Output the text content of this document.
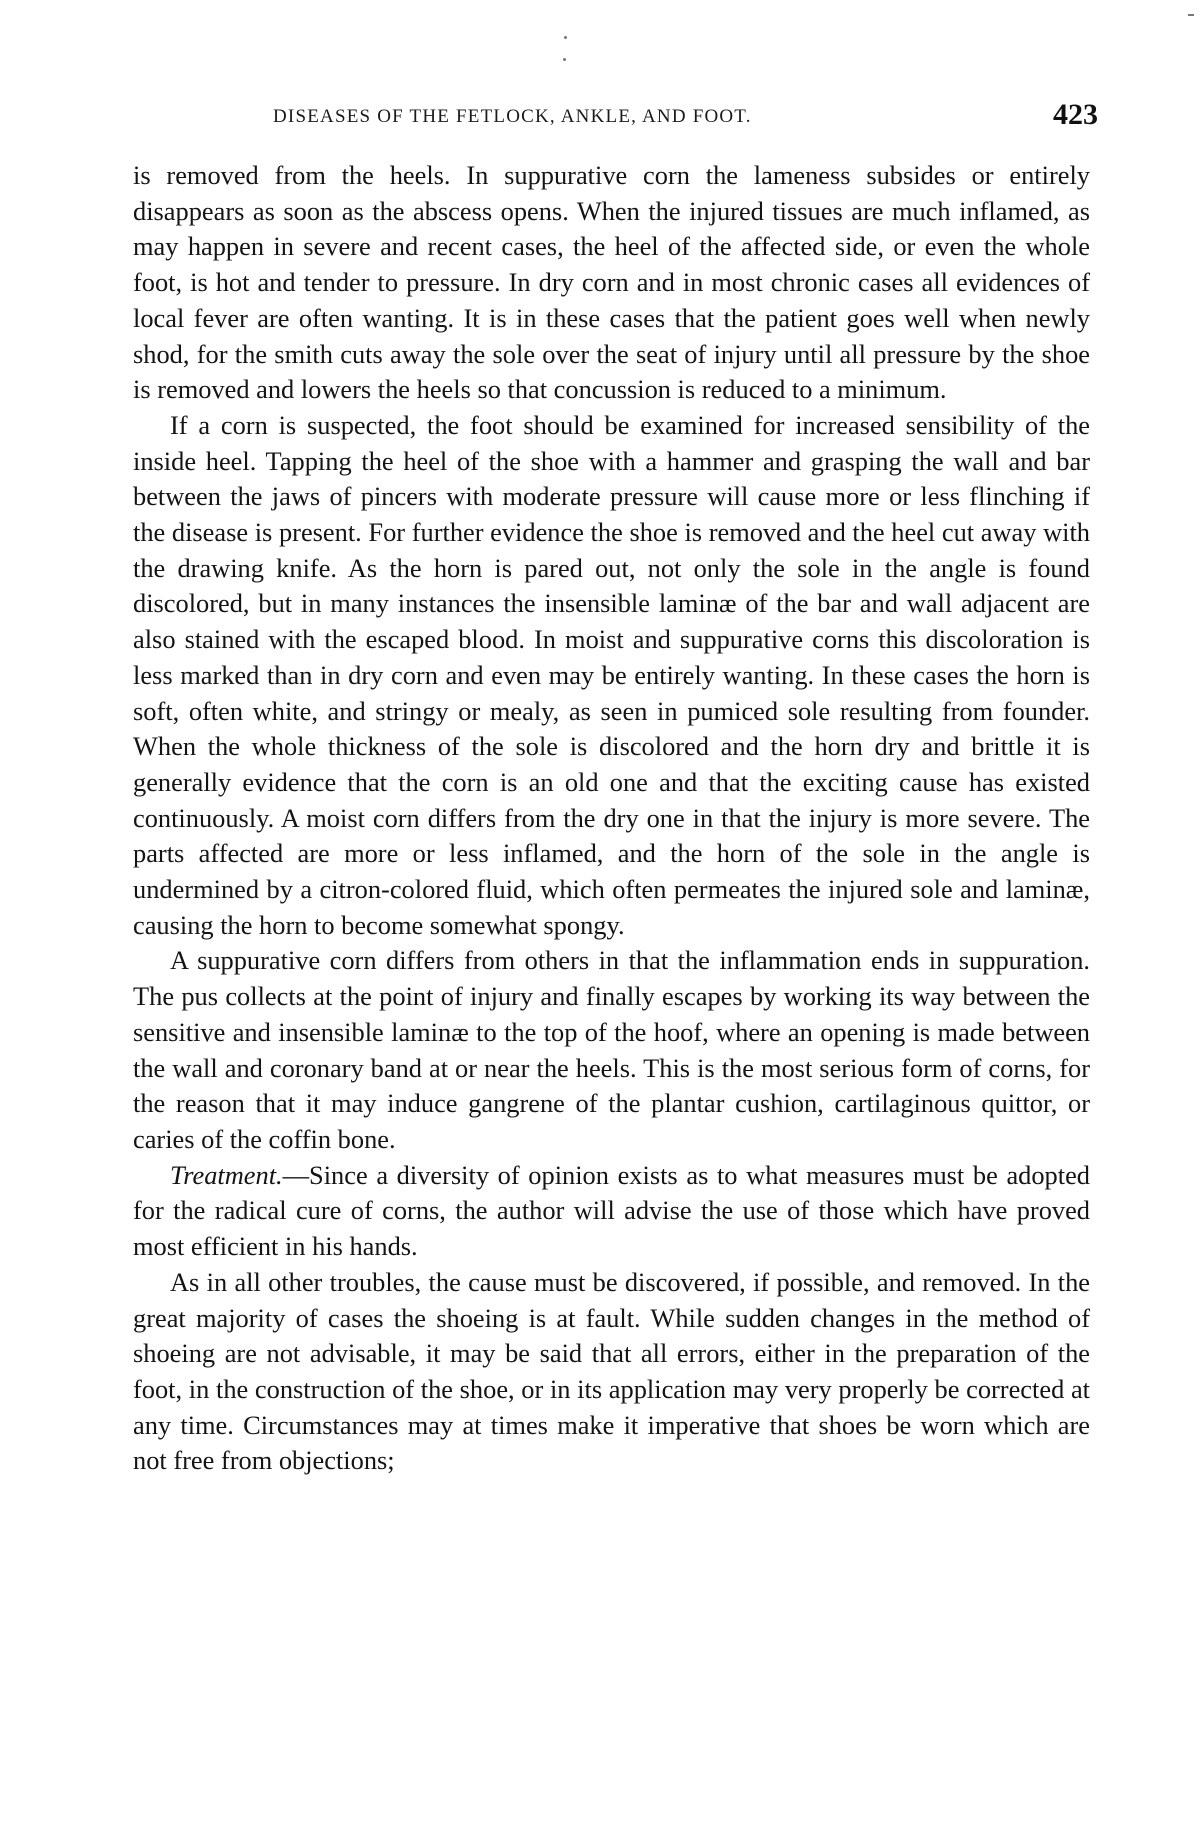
DISEASES OF THE FETLOCK, ANKLE, AND FOOT.	423

is removed from the heels. In suppurative corn the lameness subsides or entirely disappears as soon as the abscess opens. When the injured tissues are much inflamed, as may happen in severe and recent cases, the heel of the affected side, or even the whole foot, is hot and tender to pressure. In dry corn and in most chronic cases all evidences of local fever are often wanting. It is in these cases that the patient goes well when newly shod, for the smith cuts away the sole over the seat of injury until all pressure by the shoe is removed and lowers the heels so that concussion is reduced to a minimum.

If a corn is suspected, the foot should be examined for increased sensibility of the inside heel. Tapping the heel of the shoe with a hammer and grasping the wall and bar between the jaws of pincers with moderate pressure will cause more or less flinching if the disease is present. For further evidence the shoe is removed and the heel cut away with the drawing knife. As the horn is pared out, not only the sole in the angle is found discolored, but in many instances the insensible laminæ of the bar and wall adjacent are also stained with the escaped blood. In moist and suppurative corns this discoloration is less marked than in dry corn and even may be entirely wanting. In these cases the horn is soft, often white, and stringy or mealy, as seen in pumiced sole resulting from founder. When the whole thickness of the sole is discolored and the horn dry and brittle it is generally evidence that the corn is an old one and that the exciting cause has existed continuously. A moist corn differs from the dry one in that the injury is more severe. The parts affected are more or less inflamed, and the horn of the sole in the angle is undermined by a citron-colored fluid, which often permeates the injured sole and laminæ, causing the horn to become somewhat spongy.

A suppurative corn differs from others in that the inflammation ends in suppuration. The pus collects at the point of injury and finally escapes by working its way between the sensitive and insensible laminæ to the top of the hoof, where an opening is made between the wall and coronary band at or near the heels. This is the most serious form of corns, for the reason that it may induce gangrene of the plantar cushion, cartilaginous quittor, or caries of the coffin bone.

Treatment.—Since a diversity of opinion exists as to what measures must be adopted for the radical cure of corns, the author will advise the use of those which have proved most efficient in his hands.

As in all other troubles, the cause must be discovered, if possible, and removed. In the great majority of cases the shoeing is at fault. While sudden changes in the method of shoeing are not advisable, it may be said that all errors, either in the preparation of the foot, in the construction of the shoe, or in its application may very properly be corrected at any time. Circumstances may at times make it imperative that shoes be worn which are not free from objections;
